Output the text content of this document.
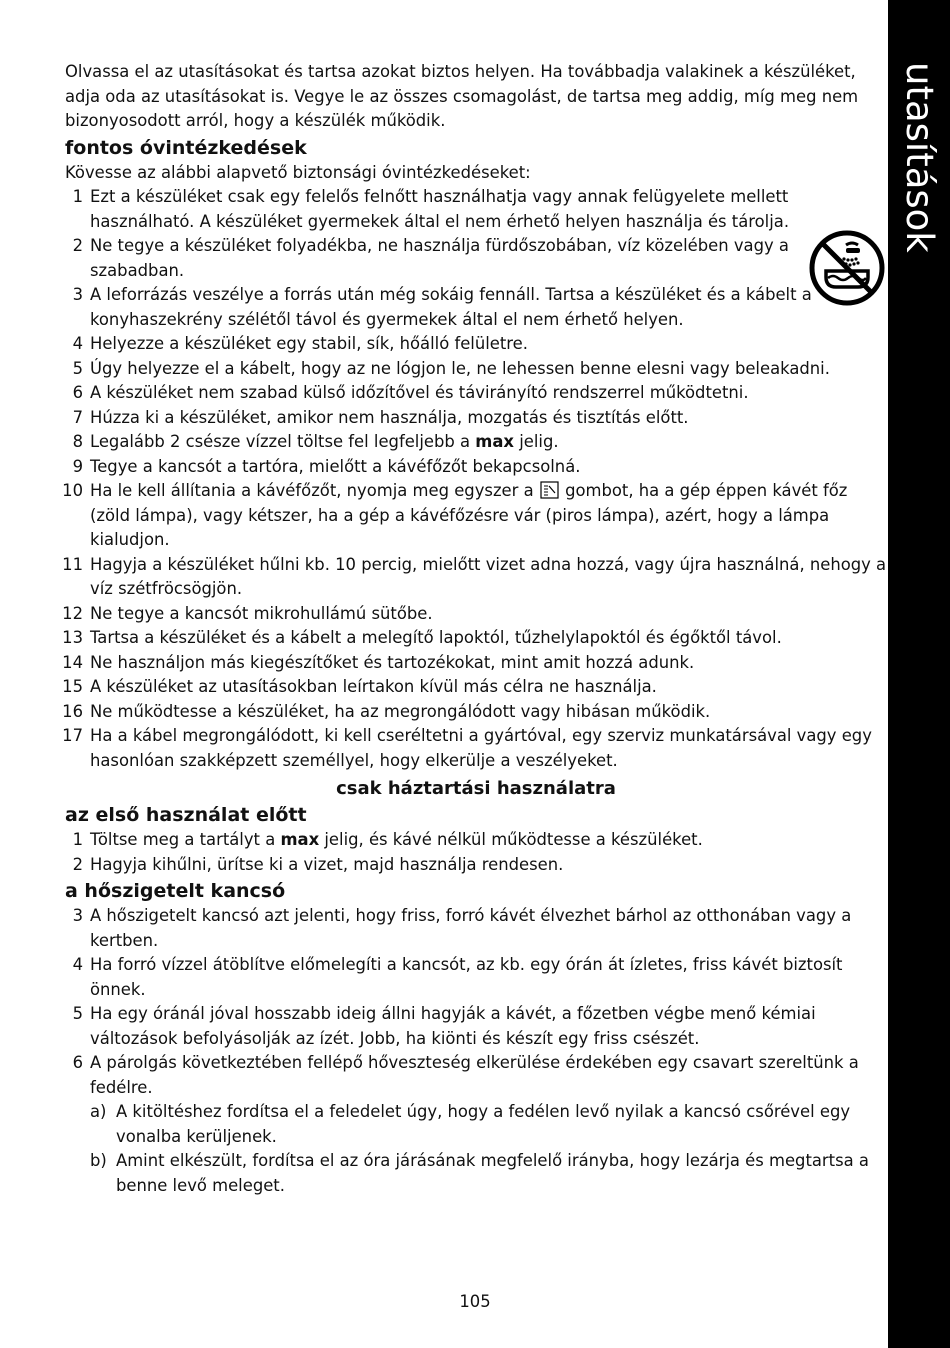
utasítások

Olvassa el az utasításokat és tartsa azokat biztos helyen. Ha továbbadja valakinek a készüléket, adja oda az utasításokat is. Vegye le az összes csomagolást, de tartsa meg addig, míg meg nem bizonyosodott arról, hogy a készülék működik.

fontos óvintézkedések

Kövesse az alábbi alapvető biztonsági óvintézkedéseket:

1 Ezt a készüléket csak egy felelős felnőtt használhatja vagy annak felügyelete mellett használható. A készüléket gyermekek által el nem érhető helyen használja és tárolja.
2 Ne tegye a készüléket folyadékba, ne használja fürdőszobában, víz közelében vagy a szabadban.
3 A leforrázás veszélye a forrás után még sokáig fennáll. Tartsa a készüléket és a kábelt a konyhaszekrény szélétől távol és gyermekek által el nem érhető helyen.
4 Helyezze a készüléket egy stabil, sík, hőálló felületre.
5 Úgy helyezze el a kábelt, hogy az ne lógjon le, ne lehessen benne elesni vagy beleakadni.
6 A készüléket nem szabad külső időzítővel és távirányító rendszerrel működtetni.
7 Húzza ki a készüléket, amikor nem használja, mozgatás és tisztítás előtt.
8 Legalább 2 csésze vízzel töltse fel legfeljebb a max jelig.
9 Tegye a kancsót a tartóra, mielőtt a kávéfőzőt bekapcsolná.
10 Ha le kell állítania a kávéfőzőt, nyomja meg egyszer a  gombot, ha a gép éppen kávét főz (zöld lámpa), vagy kétszer, ha a gép a kávéfőzésre vár (piros lámpa), azért, hogy a lámpa kialudjon.
11 Hagyja a készüléket hűlni kb. 10 percig, mielőtt vizet adna hozzá, vagy újra használná, nehogy a víz szétfröcsögjön.
12 Ne tegye a kancsót mikrohullámú sütőbe.
13 Tartsa a készüléket és a kábelt a melegítő lapoktól, tűzhelylapoktól és égőktől távol.
14 Ne használjon más kiegészítőket és tartozékokat, mint amit hozzá adunk.
15 A készüléket az utasításokban leírtakon kívül más célra ne használja.
16 Ne működtesse a készüléket, ha az megrongálódott vagy hibásan működik.
17 Ha a kábel megrongálódott, ki kell cseréltetni a gyártóval, egy szerviz munkatársával vagy egy hasonlóan szakképzett személlyel, hogy elkerülje a veszélyeket.
csak háztartási használatra
az első használat előtt
1 Töltse meg a tartályt a max jelig, és kávé nélkül működtesse a készüléket.
2 Hagyja kihűlni, ürítse ki a vizet, majd használja rendesen.
a hőszigetelt kancsó
3 A hőszigetelt kancsó azt jelenti, hogy friss, forró kávét élvezhet bárhol az otthonában vagy a kertben.
4 Ha forró vízzel átöblítve előmelegíti a kancsót, az kb. egy órán át ízletes, friss kávét biztosít önnek.
5 Ha egy óránál jóval hosszabb ideig állni hagyják a kávét, a főzetben végbe menő kémiai változások befolyásolják az ízét. Jobb, ha kiönti és készít egy friss csészét.
6 A párolgás következtében fellépő hőveszteség elkerülése érdekében egy csavart szereltünk a fedélre.
a) A kitöltéshez fordítsa el a feledelet úgy, hogy a fedélen levő nyilak a kancsó csőrével egy vonalba kerüljenek.
b) Amint elkészült, fordítsa el az óra járásának megfelelő irányba, hogy lezárja és megtartsa a benne levő meleget.
105
